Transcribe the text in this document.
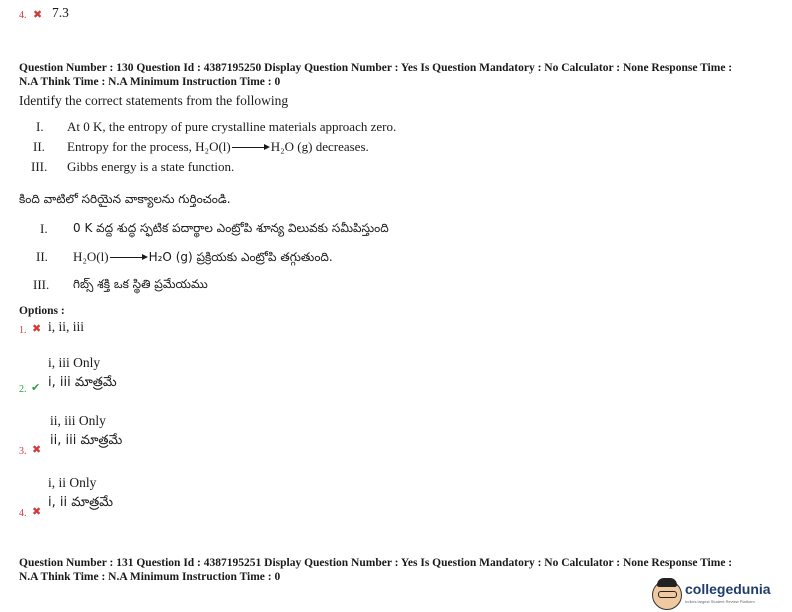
4. ✖ 7.3
Question Number : 130 Question Id : 4387195250 Display Question Number : Yes Is Question Mandatory : No Calculator : None Response Time :
N.A Think Time : N.A Minimum Instruction Time : 0
Identify the correct statements from the following
I. At 0 K, the entropy of pure crystalline materials approach zero.
II. Entropy for the process, H₂O(l)	H₂O (g) decreases.
III. Gibbs energy is a state function.
కింది వాటిలో సరియైన వాక్యాలను గుర్తించండి.
I. 0 K వద్ద శుద్ధ స్ఫటిక పదార్థాల ఎంట్రోపి శూన్య విలువకు సమీపిస్తుంది
II. H₂O(l)	H₂O (g) ప్రక్రియకు ఎంట్రోపి తగ్గుతుంది.
III. గిబ్స్ శక్తి ఒక స్థితి ప్రమేయము
Options :
1. ✖ i, ii, iii
i, iii Only
2. ✔ i, iii మాత్రమే
ii, iii Only
ii, iii మాత్రమే
3. ✖
i, ii Only
i, ii మాత్రమే
4. ✖
Question Number : 131 Question Id : 4387195251 Display Question Number : Yes Is Question Mandatory : No Calculator : None Response Time :
N.A Think Time : N.A Minimum Instruction Time : 0
collegedunia
India's largest Student Review Platform
